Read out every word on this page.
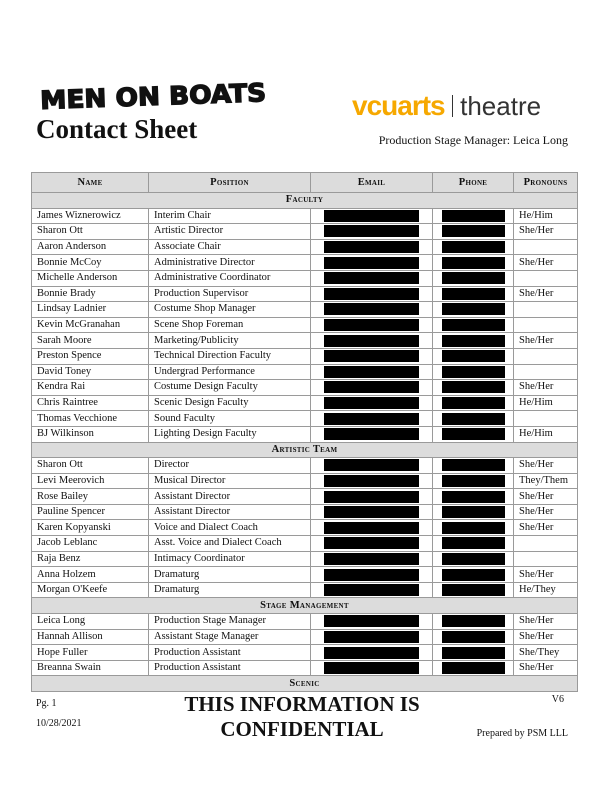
MEN ON BOATS	vcuarts theatre
Contact Sheet	Production Stage Manager: Leica Long
Name	Position	Email	Phone	Pronouns
Faculty				
James Wiznerowicz	Interim Chair			He/Him
Sharon Ott	Artistic Director			She/Her
Aaron Anderson	Associate Chair	

Bonnie McCoy	Administrative Director			She/Her
Michelle Anderson	Administrative Coordinator	

Bonnie Brady	Production Supervisor			She/Her
Lindsay Ladnier	Costume Shop Manager	

Kevin McGranahan	Scene Shop Foreman	

Sarah Moore	Marketing/Publicity			She/Her
Preston Spence	Technical Direction Faculty	

David Toney	Undergrad Performance	

Kendra Rai	Costume Design Faculty			She/Her
Chris Raintree	Scenic Design Faculty			He/Him
Thomas Vecchione	Sound Faculty	

BJ Wilkinson	Lighting Design Faculty			He/Him
Artistic Team				
Sharon Ott	Director			She/Her
Levi Meerovich	Musical Director			They/Them
Rose Bailey	Assistant Director			She/Her
Pauline Spencer	Assistant Director			She/Her
Karen Kopyanski	Voice and Dialect Coach			She/Her
Jacob Leblanc	Asst. Voice and Dialect Coach	

Raja Benz	Intimacy Coordinator	

Anna Holzem	Dramaturg			She/Her
Morgan O'Keefe	Dramaturg			He/They
Stage Management				
Leica Long	Production Stage Manager			She/Her
Hannah Allison	Assistant Stage Manager			She/Her
Hope Fuller	Production Assistant			She/They
Breanna Swain	Production Assistant			She/Her
Scenic				
Pg. 1
10/28/2021
THIS INFORMATION IS
CONFIDENTIAL
V6
Prepared by PSM LLL
